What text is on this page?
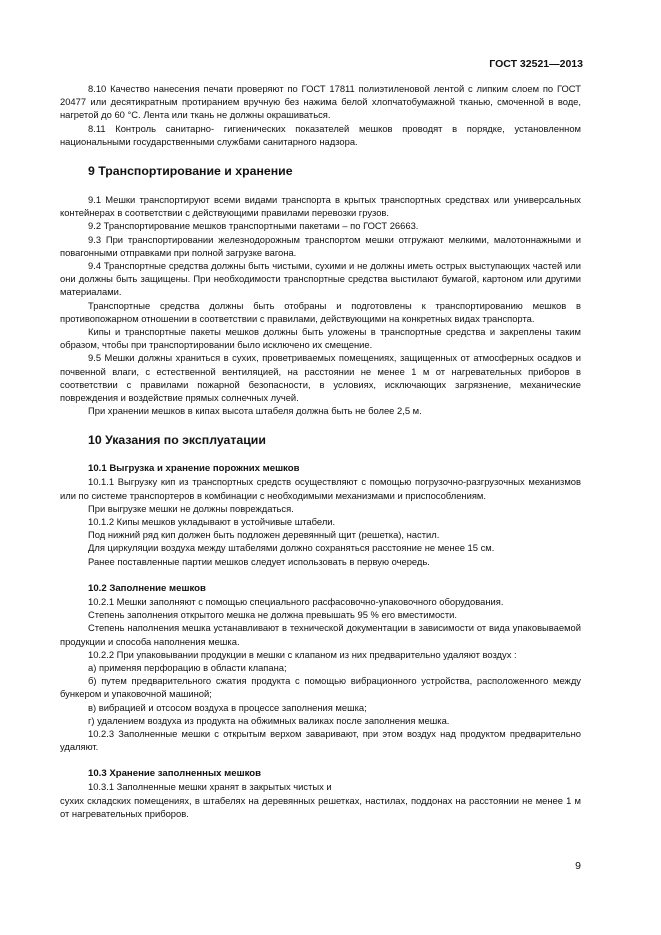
ГОСТ 32521—2013

8.10 Качество нанесения печати проверяют по ГОСТ 17811 полиэтиленовой лентой с липким слоем по ГОСТ 20477 или десятикратным протиранием вручную без нажима белой хлопчатобумажной тканью, смоченной в воде, нагретой до 60 °С. Лента или ткань не должны окрашиваться.

8.11 Контроль санитарно- гигиенических показателей мешков проводят в порядке, установленном национальными государственными службами санитарного надзора.

9 Транспортирование и хранение

9.1 Мешки транспортируют всеми видами транспорта в крытых транспортных средствах или универсальных контейнерах в соответствии с действующими правилами перевозки грузов.

9.2 Транспортирование мешков транспортными пакетами – по ГОСТ 26663.

9.3 При транспортировании железнодорожным транспортом мешки отгружают мелкими, малотоннажными и повагонными отправками при полной загрузке вагона.

9.4 Транспортные средства должны быть чистыми, сухими и не должны иметь острых выступающих частей или они должны быть защищены. При необходимости транспортные средства выстилают бумагой, картоном или другими материалами.

Транспортные средства должны быть отобраны и подготовлены к транспортированию мешков в противопожарном отношении в соответствии с правилами, действующими на конкретных видах транспорта.

Кипы и транспортные пакеты мешков должны быть уложены в транспортные средства и закреплены таким образом, чтобы при транспортировании было исключено их смещение.

9.5 Мешки должны храниться в сухих, проветриваемых помещениях, защищенных от атмосферных осадков и почвенной влаги, с естественной вентиляцией, на расстоянии не менее 1 м от нагревательных приборов в соответствии с правилами пожарной безопасности, в условиях, исключающих загрязнение, механические повреждения и воздействие прямых солнечных лучей.

При хранении мешков в кипах высота штабеля должна быть не более 2,5 м.

10 Указания по эксплуатации
10.1 Выгрузка и хранение порожних мешков

10.1.1 Выгрузку кип из транспортных средств осуществляют с помощью погрузочно-разгрузочных механизмов или по системе транспортеров в комбинации с необходимыми механизмами и приспособлениям.

При выгрузке мешки не должны повреждаться.

10.1.2 Кипы мешков укладывают в устойчивые штабели.

Под нижний ряд кип должен быть подложен деревянный щит (решетка), настил.

Для циркуляции воздуха между штабелями должно сохраняться расстояние не менее 15 см.

Ранее поставленные партии мешков следует использовать в первую очередь.

10.2 Заполнение мешков

10.2.1 Мешки заполняют с помощью специального расфасовочно-упаковочного оборудования.

Степень заполнения открытого мешка не должна превышать 95 % его вместимости.

Степень наполнения мешка устанавливают в технической документации в зависимости от вида упаковываемой продукции и способа наполнения мешка.

10.2.2 При упаковывании продукции в мешки с клапаном из них предварительно удаляют воздух :

а) применяя перфорацию в области клапана;

б) путем предварительного сжатия продукта с помощью вибрационного устройства, расположенного между бункером и упаковочной машиной;

в) вибрацией и отсосом воздуха в процессе заполнения мешка;

г) удалением воздуха из продукта на обжимных валиках после заполнения мешка.

10.2.3 Заполненные мешки с открытым верхом заваривают, при этом воздух над продуктом предварительно удаляют.

10.3 Хранение заполненных мешков

10.3.1 Заполненные мешки хранят в закрытых чистых и

сухих складских помещениях, в штабелях на деревянных решетках, настилах, поддонах на расстоянии не менее 1 м от нагревательных приборов.

9
